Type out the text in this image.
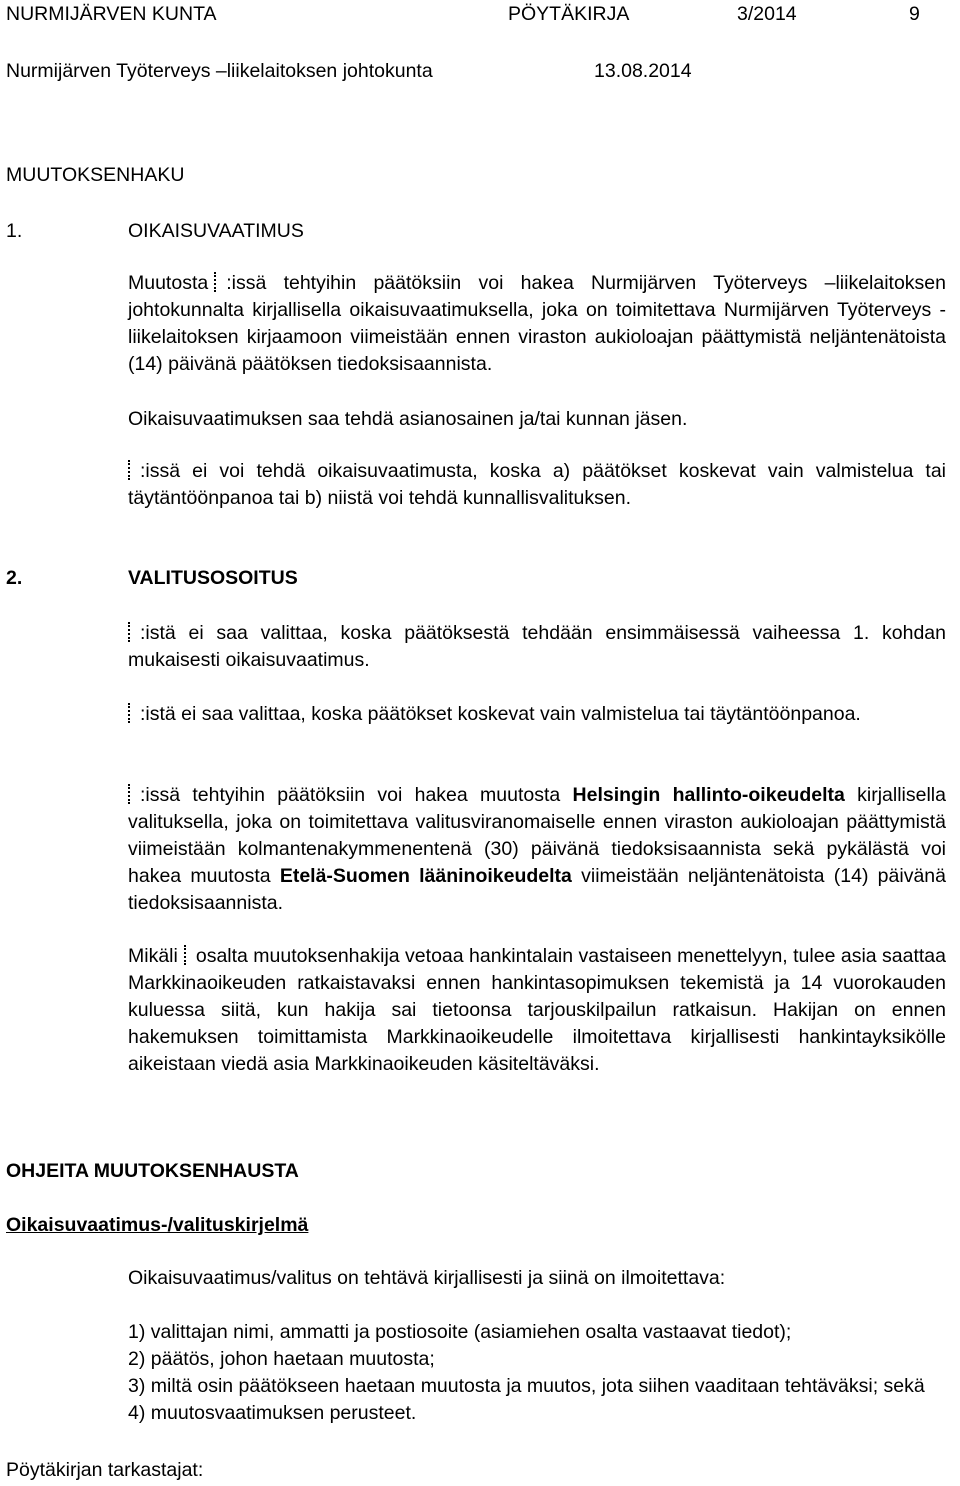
NURMIJÄRVEN KUNTA	PÖYTÄKIRJA	3/2014	9
Nurmijärven Työterveys –liikelaitoksen johtokunta	13.08.2014
MUUTOKSENHAKU
1.	OIKAISUVAATIMUS
Muutosta :issä tehtyihin päätöksiin voi hakea Nurmijärven Työterveys –liikelaitoksen johtokunnalta kirjallisella oikaisuvaatimuksella, joka on toimitettava Nurmijärven Työterveys -liikelaitoksen kirjaamoon viimeistään ennen viraston aukioloajan päättymistä neljäntenätoista (14) päivänä päätöksen tiedoksisaannista.
Oikaisuvaatimuksen saa tehdä asianosainen ja/tai kunnan jäsen.
:issä ei voi tehdä oikaisuvaatimusta, koska a) päätökset koskevat vain valmistelua tai täytäntöönpanoa tai b) niistä voi tehdä kunnallisvalituksen.
2.	VALITUSOSOITUS
:istä ei saa valittaa, koska päätöksestä tehdään ensimmäisessä vaiheessa 1. kohdan mukaisesti oikaisuvaatimus.
:istä ei saa valittaa, koska päätökset koskevat vain valmistelua tai täytäntöönpanoa.
:issä tehtyihin päätöksiin voi hakea muutosta Helsingin hallinto-oikeudelta kirjallisella valituksella, joka on toimitettava valitusviranomaiselle ennen viraston aukioloajan päättymistä viimeistään kolmantenakymmenentenä (30) päivänä tiedoksisaannista sekä pykälästä voi hakea muutosta Etelä-Suomen lääninoikeudelta viimeistään neljäntenätoista (14) päivänä tiedoksisaannista.
Mikäli osalta muutoksenhakija vetoaa hankintalain vastaiseen menettelyyn, tulee asia saattaa Markkinaoikeuden ratkaistavaksi ennen hankintasopimuksen tekemistä ja 14 vuorokauden kuluessa siitä, kun hakija sai tietoonsa tarjouskilpailun ratkaisun. Hakijan on ennen hakemuksen toimittamista Markkinaoikeudelle ilmoitettava kirjallisesti hankintayksikölle aikeistaan viedä asia Markkinaoikeuden käsiteltäväksi.
OHJEITA MUUTOKSENHAUSTA
Oikaisuvaatimus-/valituskirjelmä
Oikaisuvaatimus/valitus on tehtävä kirjallisesti ja siinä on ilmoitettava:
1) valittajan nimi, ammatti ja postiosoite (asiamiehen osalta vastaavat tiedot);
2) päätös, johon haetaan muutosta;
3) miltä osin päätökseen haetaan muutosta ja muutos, jota siihen vaaditaan tehtäväksi; sekä
4) muutosvaatimuksen perusteet.
Pöytäkirjan tarkastajat:
